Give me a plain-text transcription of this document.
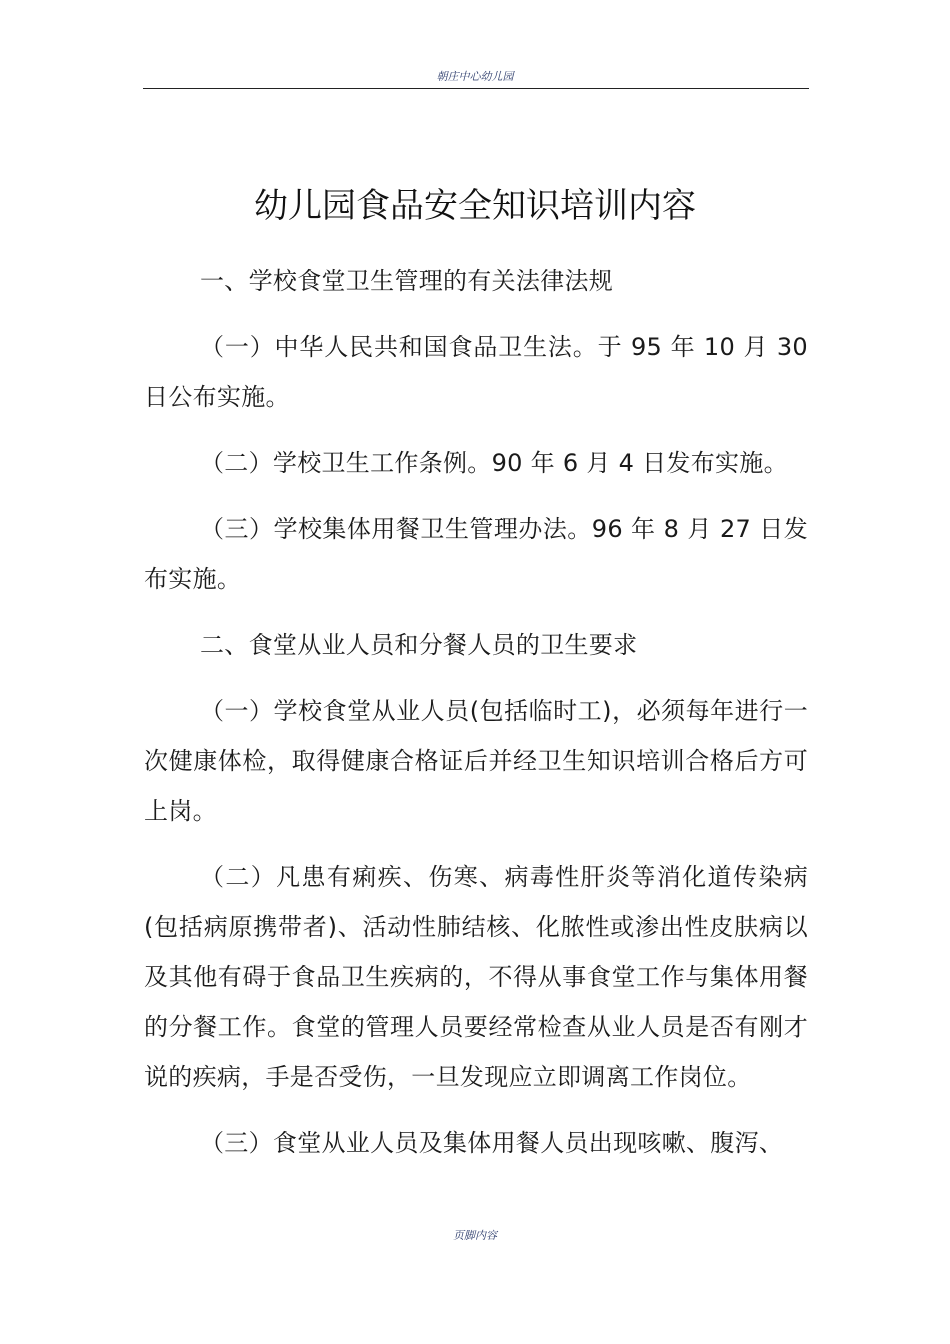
朝庄中心幼儿园
幼儿园食品安全知识培训内容

一、学校食堂卫生管理的有关法律法规

（一）中华人民共和国食品卫生法。于 95 年 10 月 30 日公布实施。

（二）学校卫生工作条例。90 年 6 月 4 日发布实施。

（三）学校集体用餐卫生管理办法。96 年 8 月 27 日发布实施。

二、食堂从业人员和分餐人员的卫生要求

（一）学校食堂从业人员(包括临时工)，必须每年进行一次健康体检，取得健康合格证后并经卫生知识培训合格后方可上岗。

（二）凡患有痢疾、伤寒、病毒性肝炎等消化道传染病(包括病原携带者)、活动性肺结核、化脓性或渗出性皮肤病以及其他有碍于食品卫生疾病的，不得从事食堂工作与集体用餐的分餐工作。食堂的管理人员要经常检查从业人员是否有刚才说的疾病，手是否受伤，一旦发现应立即调离工作岗位。

（三）食堂从业人员及集体用餐人员出现咳嗽、腹泻、

页脚内容
